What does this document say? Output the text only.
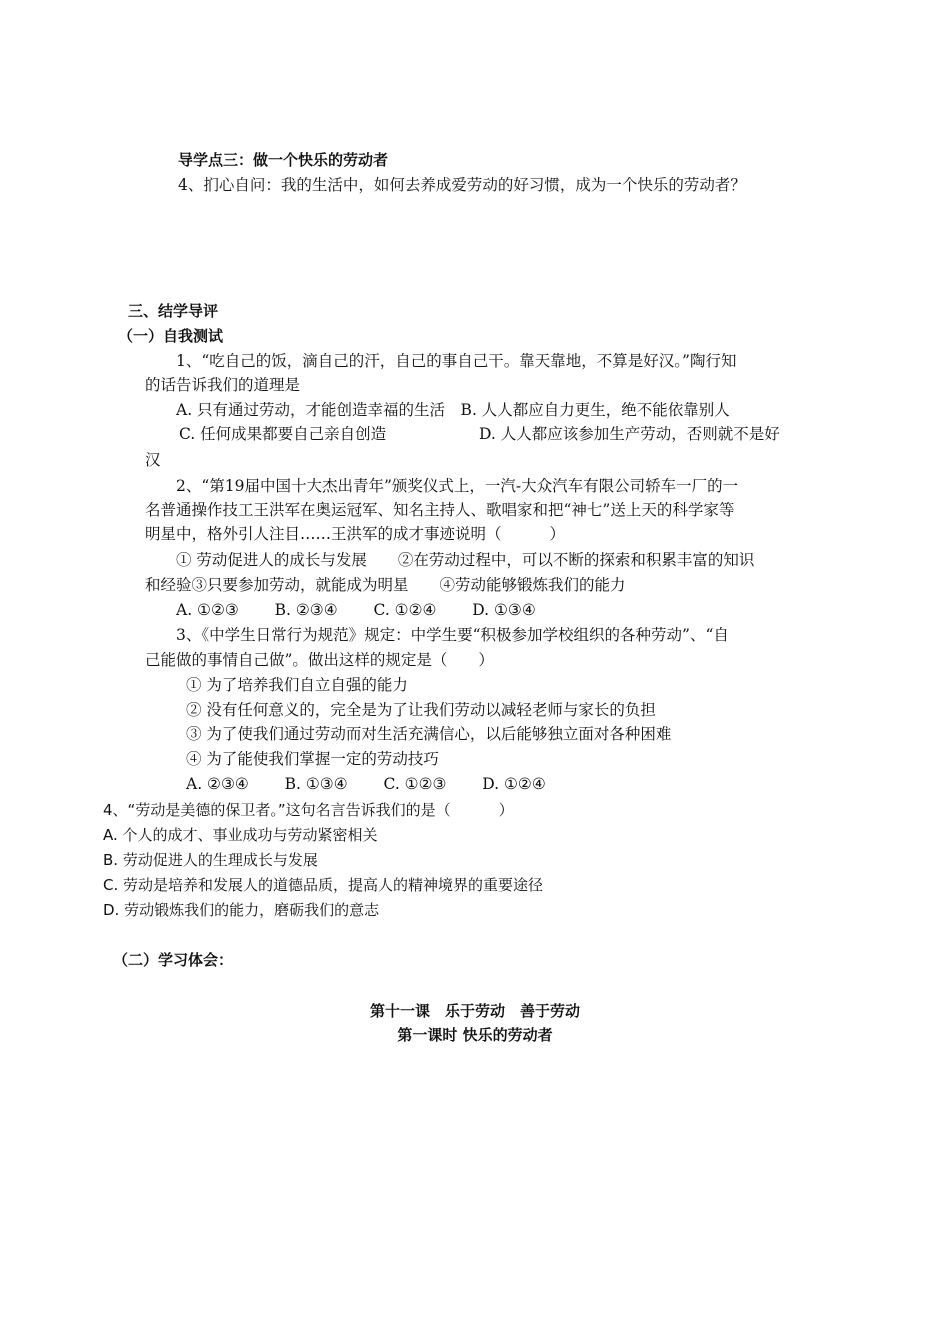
导学点三：做一个快乐的劳动者
4、扪心自问：我的生活中，如何去养成爱劳动的好习惯，成为一个快乐的劳动者？
三、结学导评
（一）自我测试
1、“吃自己的饭，滴自己的汗，自己的事自己干。靠天靠地，不算是好汉。”陶行知
的话告诉我们的道理是
A. 只有通过劳动，才能创造幸福的生活　B. 人人都应自力更生，绝不能依靠别人
C. 任何成果都要自己亲自创造	D. 人人都应该参加生产劳动，否则就不是好
汉
2、“第19届中国十大杰出青年”颁奖仪式上，一汽-大众汽车有限公司轿车一厂的一
名普通操作技工王洪军在奥运冠军、知名主持人、歌唱家和把“神七”送上天的科学家等
明星中，格外引人注目……王洪军的成才事迹说明（	）
① 劳动促进人的成长与发展　　②在劳动过程中，可以不断的探索和积累丰富的知识
和经验③只要参加劳动，就能成为明星　　④劳动能够锻炼我们的能力
A. ①②③　　 B. ②③④　　 C. ①②④　　 D. ①③④
3、《中学生日常行为规范》规定：中学生要“积极参加学校组织的各种劳动”、“自
己能做的事情自己做”。做出这样的规定是（　　）
① 为了培养我们自立自强的能力
② 没有任何意义的，完全是为了让我们劳动以减轻老师与家长的负担
③ 为了使我们通过劳动而对生活充满信心，以后能够独立面对各种困难
④ 为了能使我们掌握一定的劳动技巧
A. ②③④　　 B. ①③④　　 C. ①②③　　 D. ①②④
4、“劳动是美德的保卫者。”这句名言告诉我们的是（	）
A. 个人的成才、事业成功与劳动紧密相关
B. 劳动促进人的生理成长与发展
C. 劳动是培养和发展人的道德品质，提高人的精神境界的重要途径
D. 劳动锻炼我们的能力，磨砺我们的意志
（二）学习体会：
第十一课　乐于劳动　善于劳动
第一课时 快乐的劳动者
